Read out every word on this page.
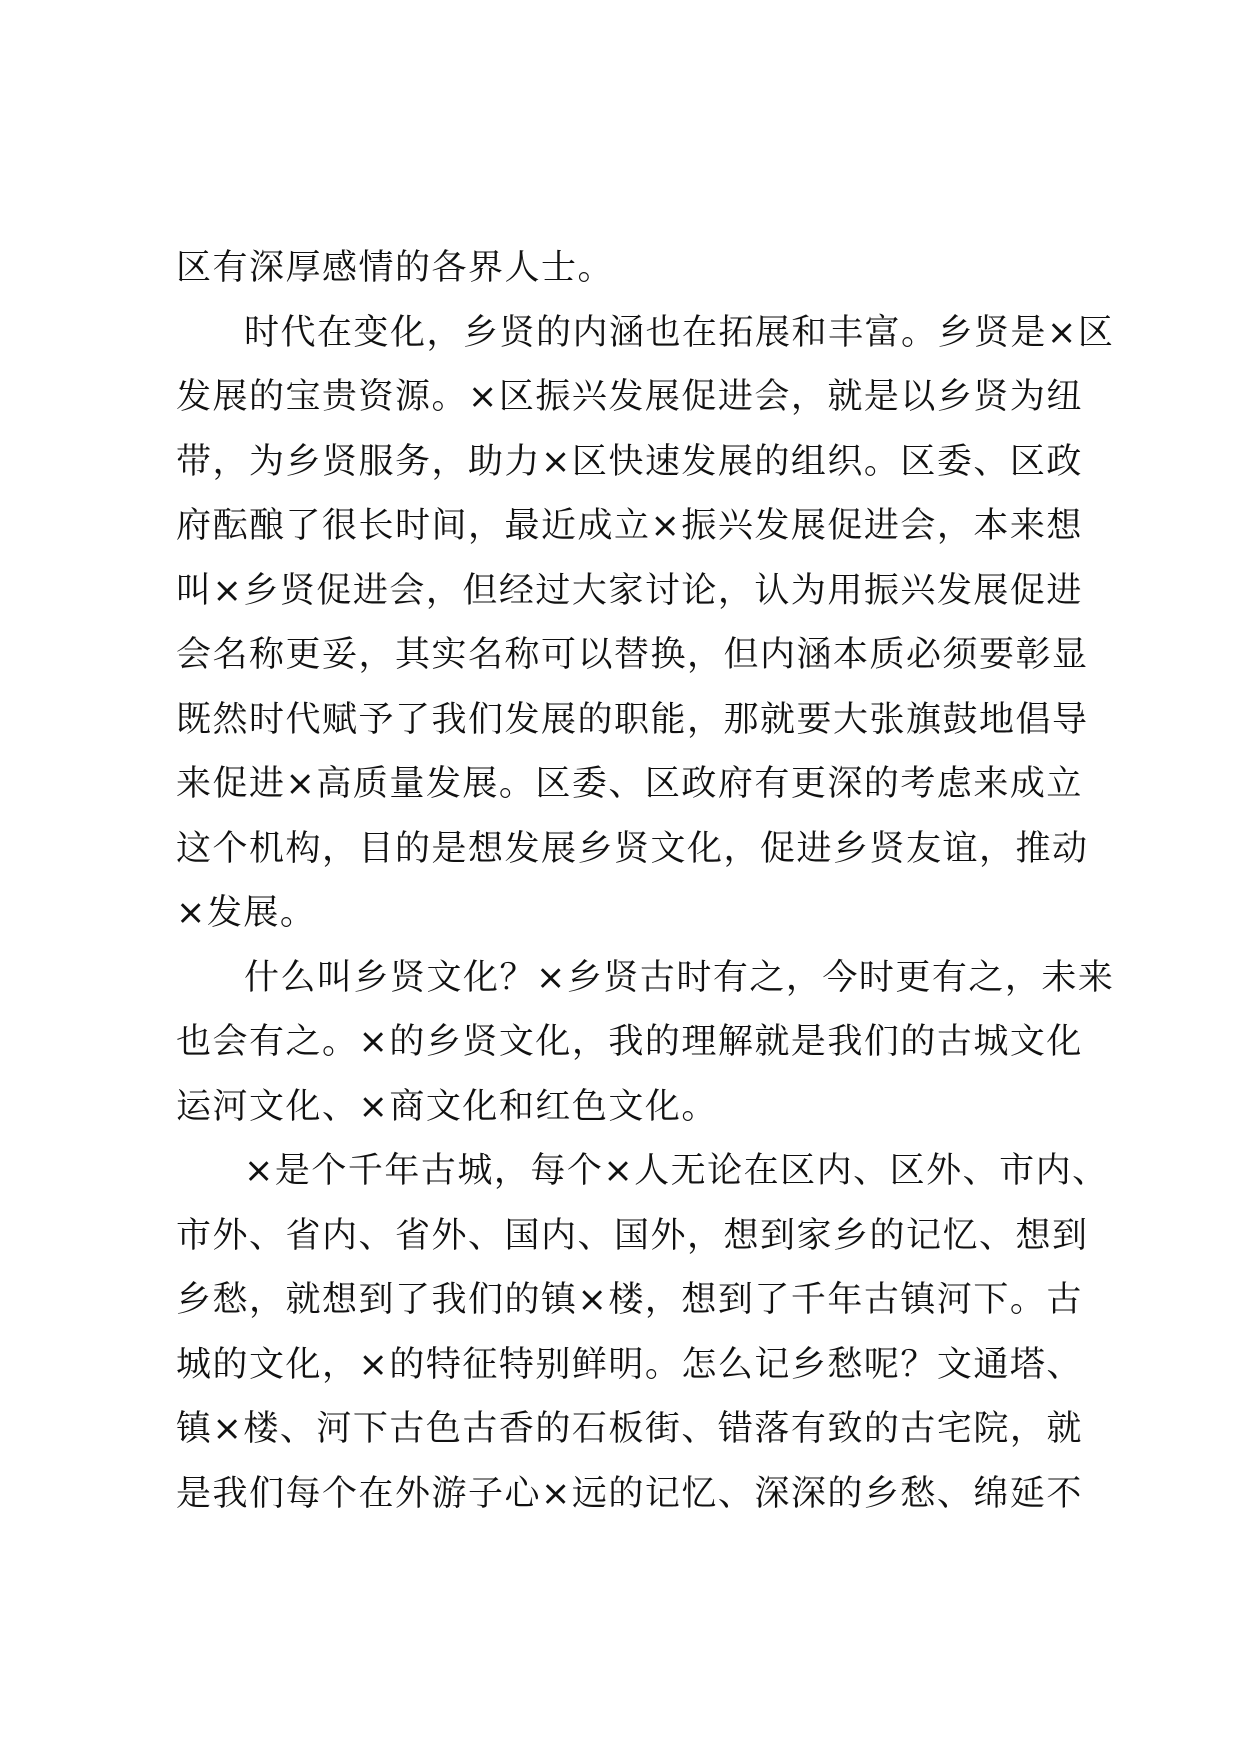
区有深厚感情的各界人士。
时代在变化，乡贤的内涵也在拓展和丰富。乡贤是×区
发展的宝贵资源。×区振兴发展促进会，就是以乡贤为纽
带，为乡贤服务，助力×区快速发展的组织。区委、区政
府酝酿了很长时间，最近成立×振兴发展促进会，本来想
叫×乡贤促进会，但经过大家讨论，认为用振兴发展促进
会名称更妥，其实名称可以替换，但内涵本质必须要彰显
既然时代赋予了我们发展的职能，那就要大张旗鼓地倡导
来促进×高质量发展。区委、区政府有更深的考虑来成立
这个机构，目的是想发展乡贤文化，促进乡贤友谊，推动
×发展。
什么叫乡贤文化？×乡贤古时有之，今时更有之，未来
也会有之。×的乡贤文化，我的理解就是我们的古城文化
运河文化、×商文化和红色文化。
×是个千年古城，每个×人无论在区内、区外、市内、
市外、省内、省外、国内、国外，想到家乡的记忆、想到
乡愁，就想到了我们的镇×楼，想到了千年古镇河下。古
城的文化，×的特征特别鲜明。怎么记乡愁呢？文通塔、
镇×楼、河下古色古香的石板街、错落有致的古宅院，就
是我们每个在外游子心×远的记忆、深深的乡愁、绵延不
